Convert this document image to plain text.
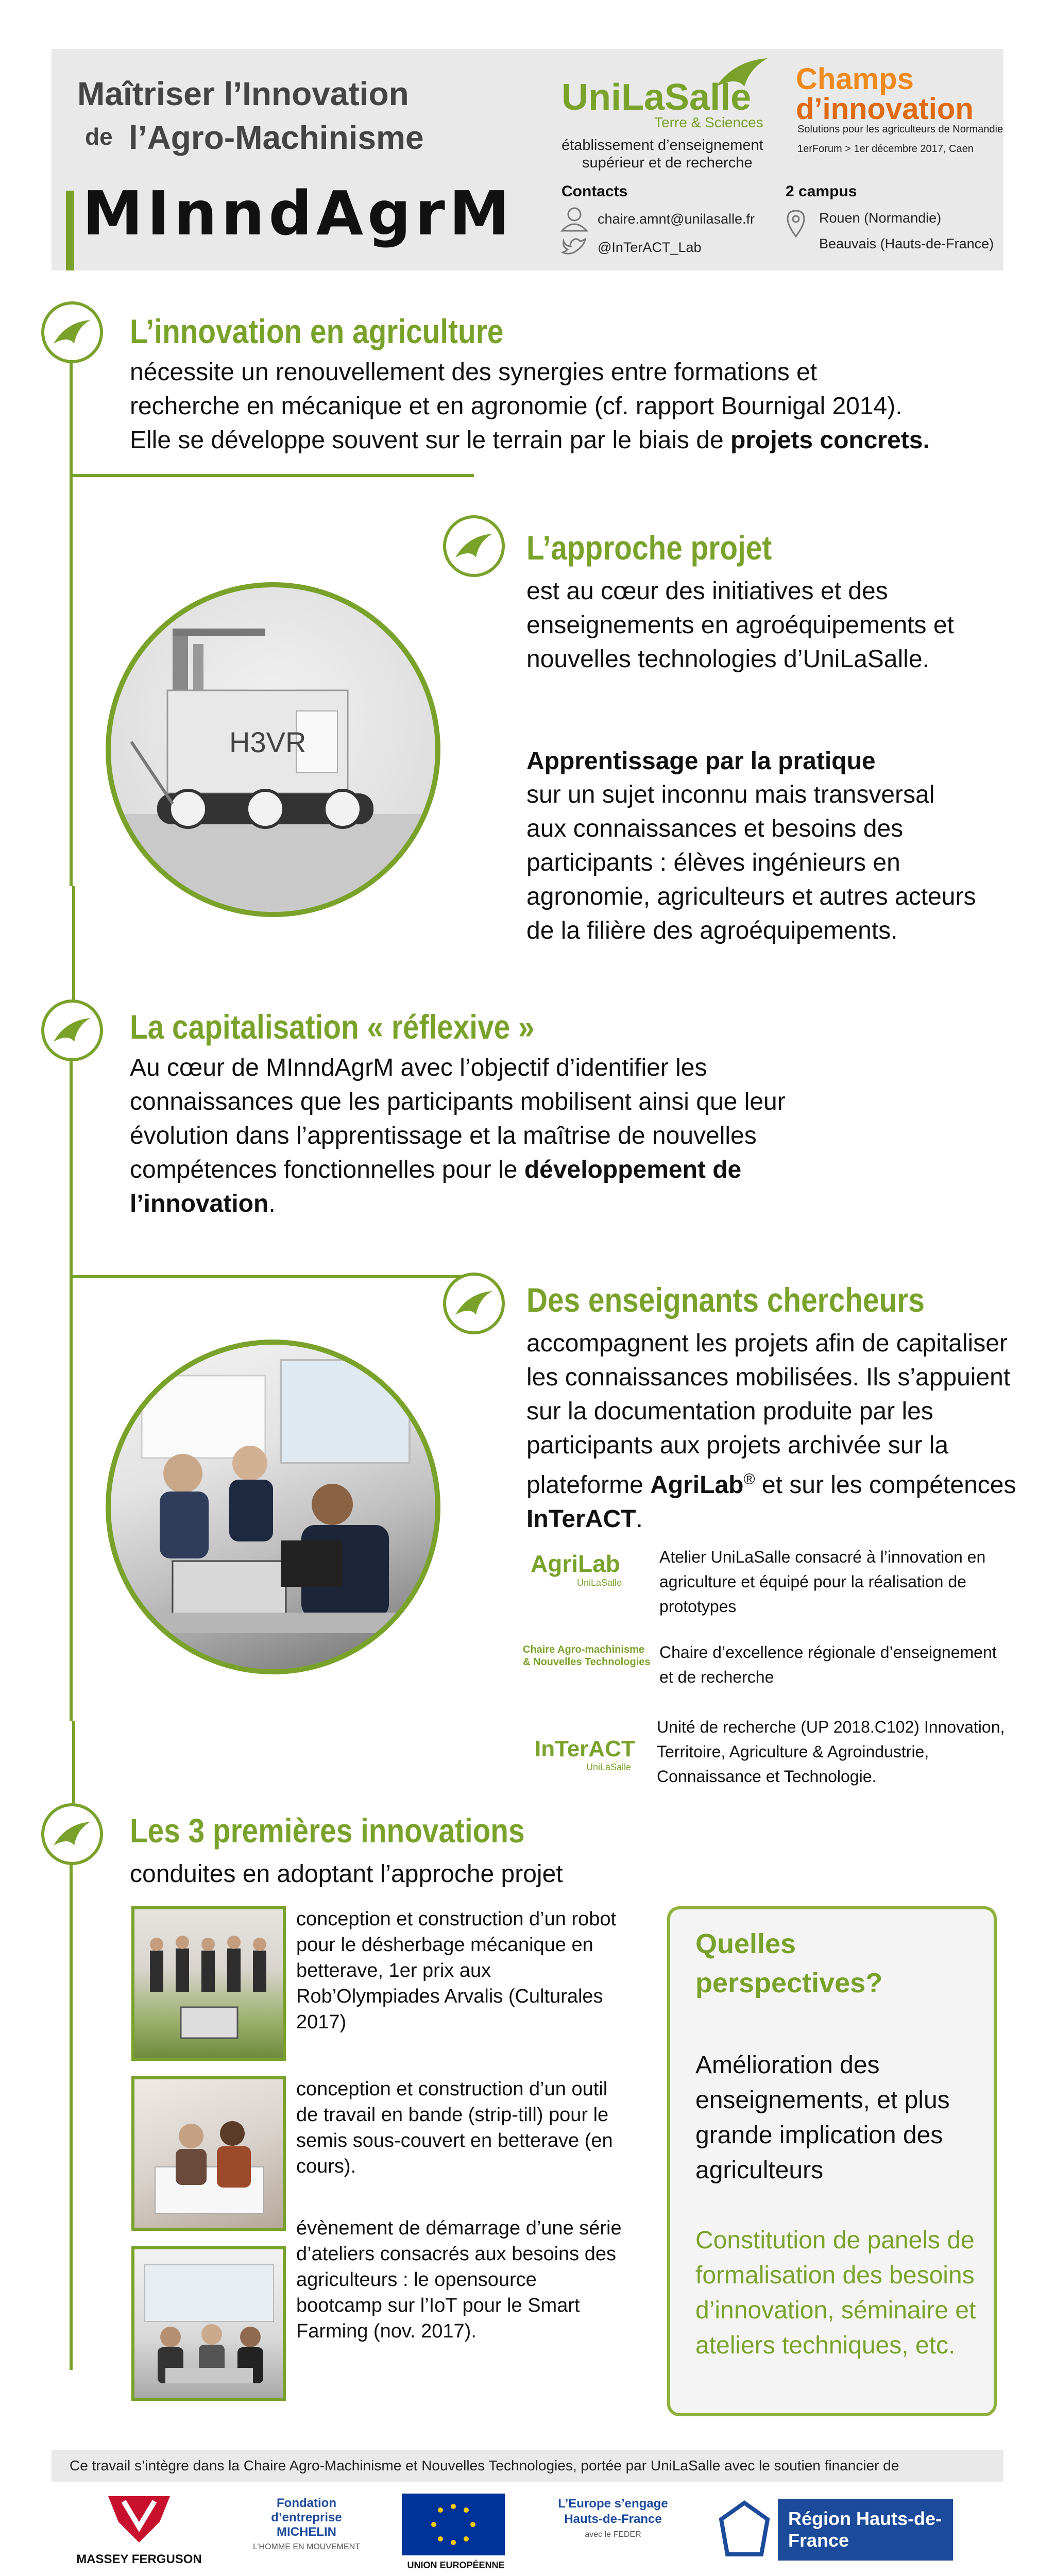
Maîtriser l’Innovation
de l’Agro-Machinisme
MInndAgrM
UniLaSalle
Terre & Sciences
établissement d’enseignement
supérieur et de recherche
Champs
d’innovation
Solutions pour les agriculteurs de Normandie
1erForum > 1er décembre 2017, Caen
Contacts
chaire.amnt@unilasalle.fr
@InTerACT_Lab
2 campus
Rouen (Normandie)
Beauvais (Hauts-de-France)
L’innovation en agriculture
nécessite un renouvellement des synergies entre formations et
recherche en mécanique et en agronomie (cf. rapport Bournigal 2014).
Elle se développe souvent sur le terrain par le biais de projets concrets.
L’approche projet
est au cœur des initiatives et des enseignements en agroéquipements et nouvelles technologies d’UniLaSalle.
Apprentissage par la pratique
sur un sujet inconnu mais transversal aux connaissances et besoins des participants : élèves ingénieurs en agronomie, agriculteurs et autres acteurs de la filière des agroéquipements.
H3VR
La capitalisation « réflexive »
Au cœur de MInndAgrM avec l’objectif d’identifier les connaissances que les participants mobilisent ainsi que leur évolution dans l’apprentissage et la maîtrise de nouvelles compétences fonctionnelles pour le développement de l’innovation.
Des enseignants chercheurs
accompagnent les projets afin de capitaliser les connaissances mobilisées. Ils s’appuient sur la documentation produite par les participants aux projets archivée sur la plateforme AgriLab® et sur les compétences InTerACT.
AgriLab
UniLaSalle
Atelier UniLaSalle consacré à l’innovation en agriculture et équipé pour la réalisation de prototypes
Chaire Agro-machinisme & Nouvelles Technologies
Chaire d’excellence régionale d’enseignement et de recherche
InTerACT
UniLaSalle
Unité de recherche (UP 2018.C102) Innovation, Territoire, Agriculture & Agroindustrie, Connaissance et Technologie.
Les 3 premières innovations
conduites en adoptant l’approche projet
conception et construction d’un robot pour le désherbage mécanique en betterave, 1er prix aux Rob’Olympiades Arvalis (Culturales 2017)
conception et construction d’un outil de travail en bande (strip-till) pour le semis sous-couvert en betterave (en cours).
évènement de démarrage d’une série d’ateliers consacrés aux besoins des agriculteurs : le opensource bootcamp sur l’IoT pour le Smart Farming (nov. 2017).
Quelles perspectives?
Amélioration des enseignements, et plus grande implication des agriculteurs
Constitution de panels de formalisation des besoins d’innovation, séminaire et ateliers techniques, etc.
Ce travail s’intègre dans la Chaire Agro-Machinisme et Nouvelles Technologies, portée par UniLaSalle avec le soutien financier de
MASSEY FERGUSON
Fondation d’entreprise MICHELIN
L’HOMME EN MOUVEMENT
UNION EUROPÉENNE
L’Europe s’engage Hauts-de-France
avec le FEDER
Région Hauts-de-France
